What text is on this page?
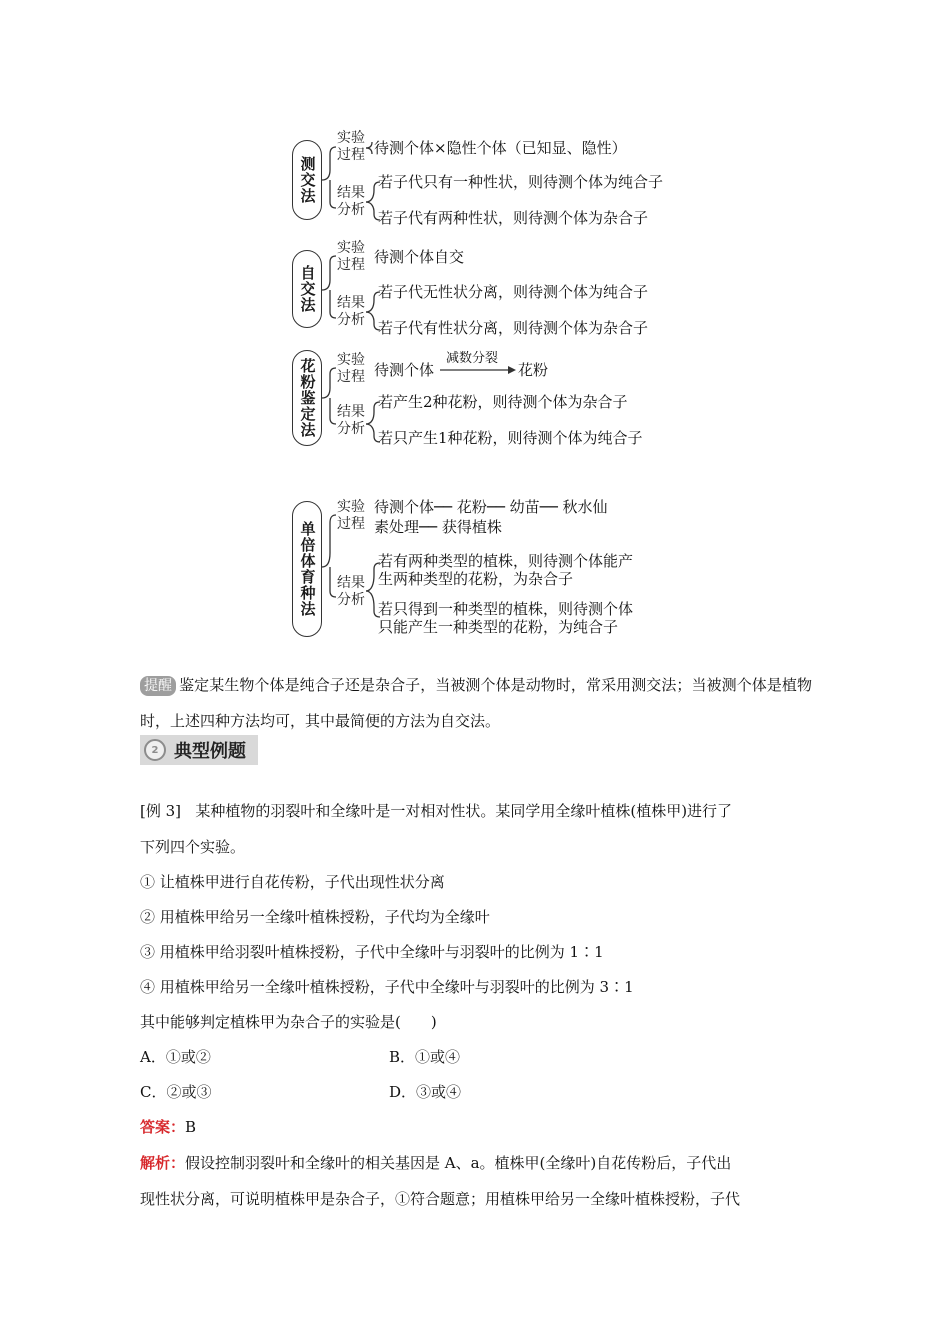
测交法
实验过程 待测个体×隐性个体（已知显、隐性）
结果分析
若子代只有一种性状，则待测个体为纯合子
若子代有两种性状，则待测个体为杂合子
自交法
实验过程 待测个体自交
结果分析
若子代无性状分离，则待测个体为纯合子
若子代有性状分离，则待测个体为杂合子
花粉鉴定法	实验过程 待测个体
减数分裂
花粉
结果分析
若产生2种花粉，则待测个体为杂合子
若只产生1种花粉，则待测个体为纯合子
单倍体育种法
实验过程
待测个体── 花粉── 幼苗── 秋水仙
素处理── 获得植株
结果分析
若有两种类型的植株，则待测个体能产
生两种类型的花粉，为杂合子
若只得到一种类型的植株，则待测个体
只能产生一种类型的花粉，为纯合子
提醒 鉴定某生物个体是纯合子还是杂合子，当被测个体是动物时，常采用测交法；当被测个体是植物时，上述四种方法均可，其中最简便的方法为自交法。
2 典型例题
[例 3] 某种植物的羽裂叶和全缘叶是一对相对性状。某同学用全缘叶植株(植株甲)进行了
下列四个实验。
① 让植株甲进行自花传粉，子代出现性状分离
② 用植株甲给另一全缘叶植株授粉，子代均为全缘叶
③ 用植株甲给羽裂叶植株授粉，子代中全缘叶与羽裂叶的比例为 1∶1
④ 用植株甲给另一全缘叶植株授粉，子代中全缘叶与羽裂叶的比例为 3∶1
其中能够判定植株甲为杂合子的实验是(　　)
A．①或②	B．①或④
C．②或③	D．③或④
答案：B
解析：假设控制羽裂叶和全缘叶的相关基因是 A、a。植株甲(全缘叶)自花传粉后，子代出
现性状分离，可说明植株甲是杂合子，①符合题意；用植株甲给另一全缘叶植株授粉，子代
